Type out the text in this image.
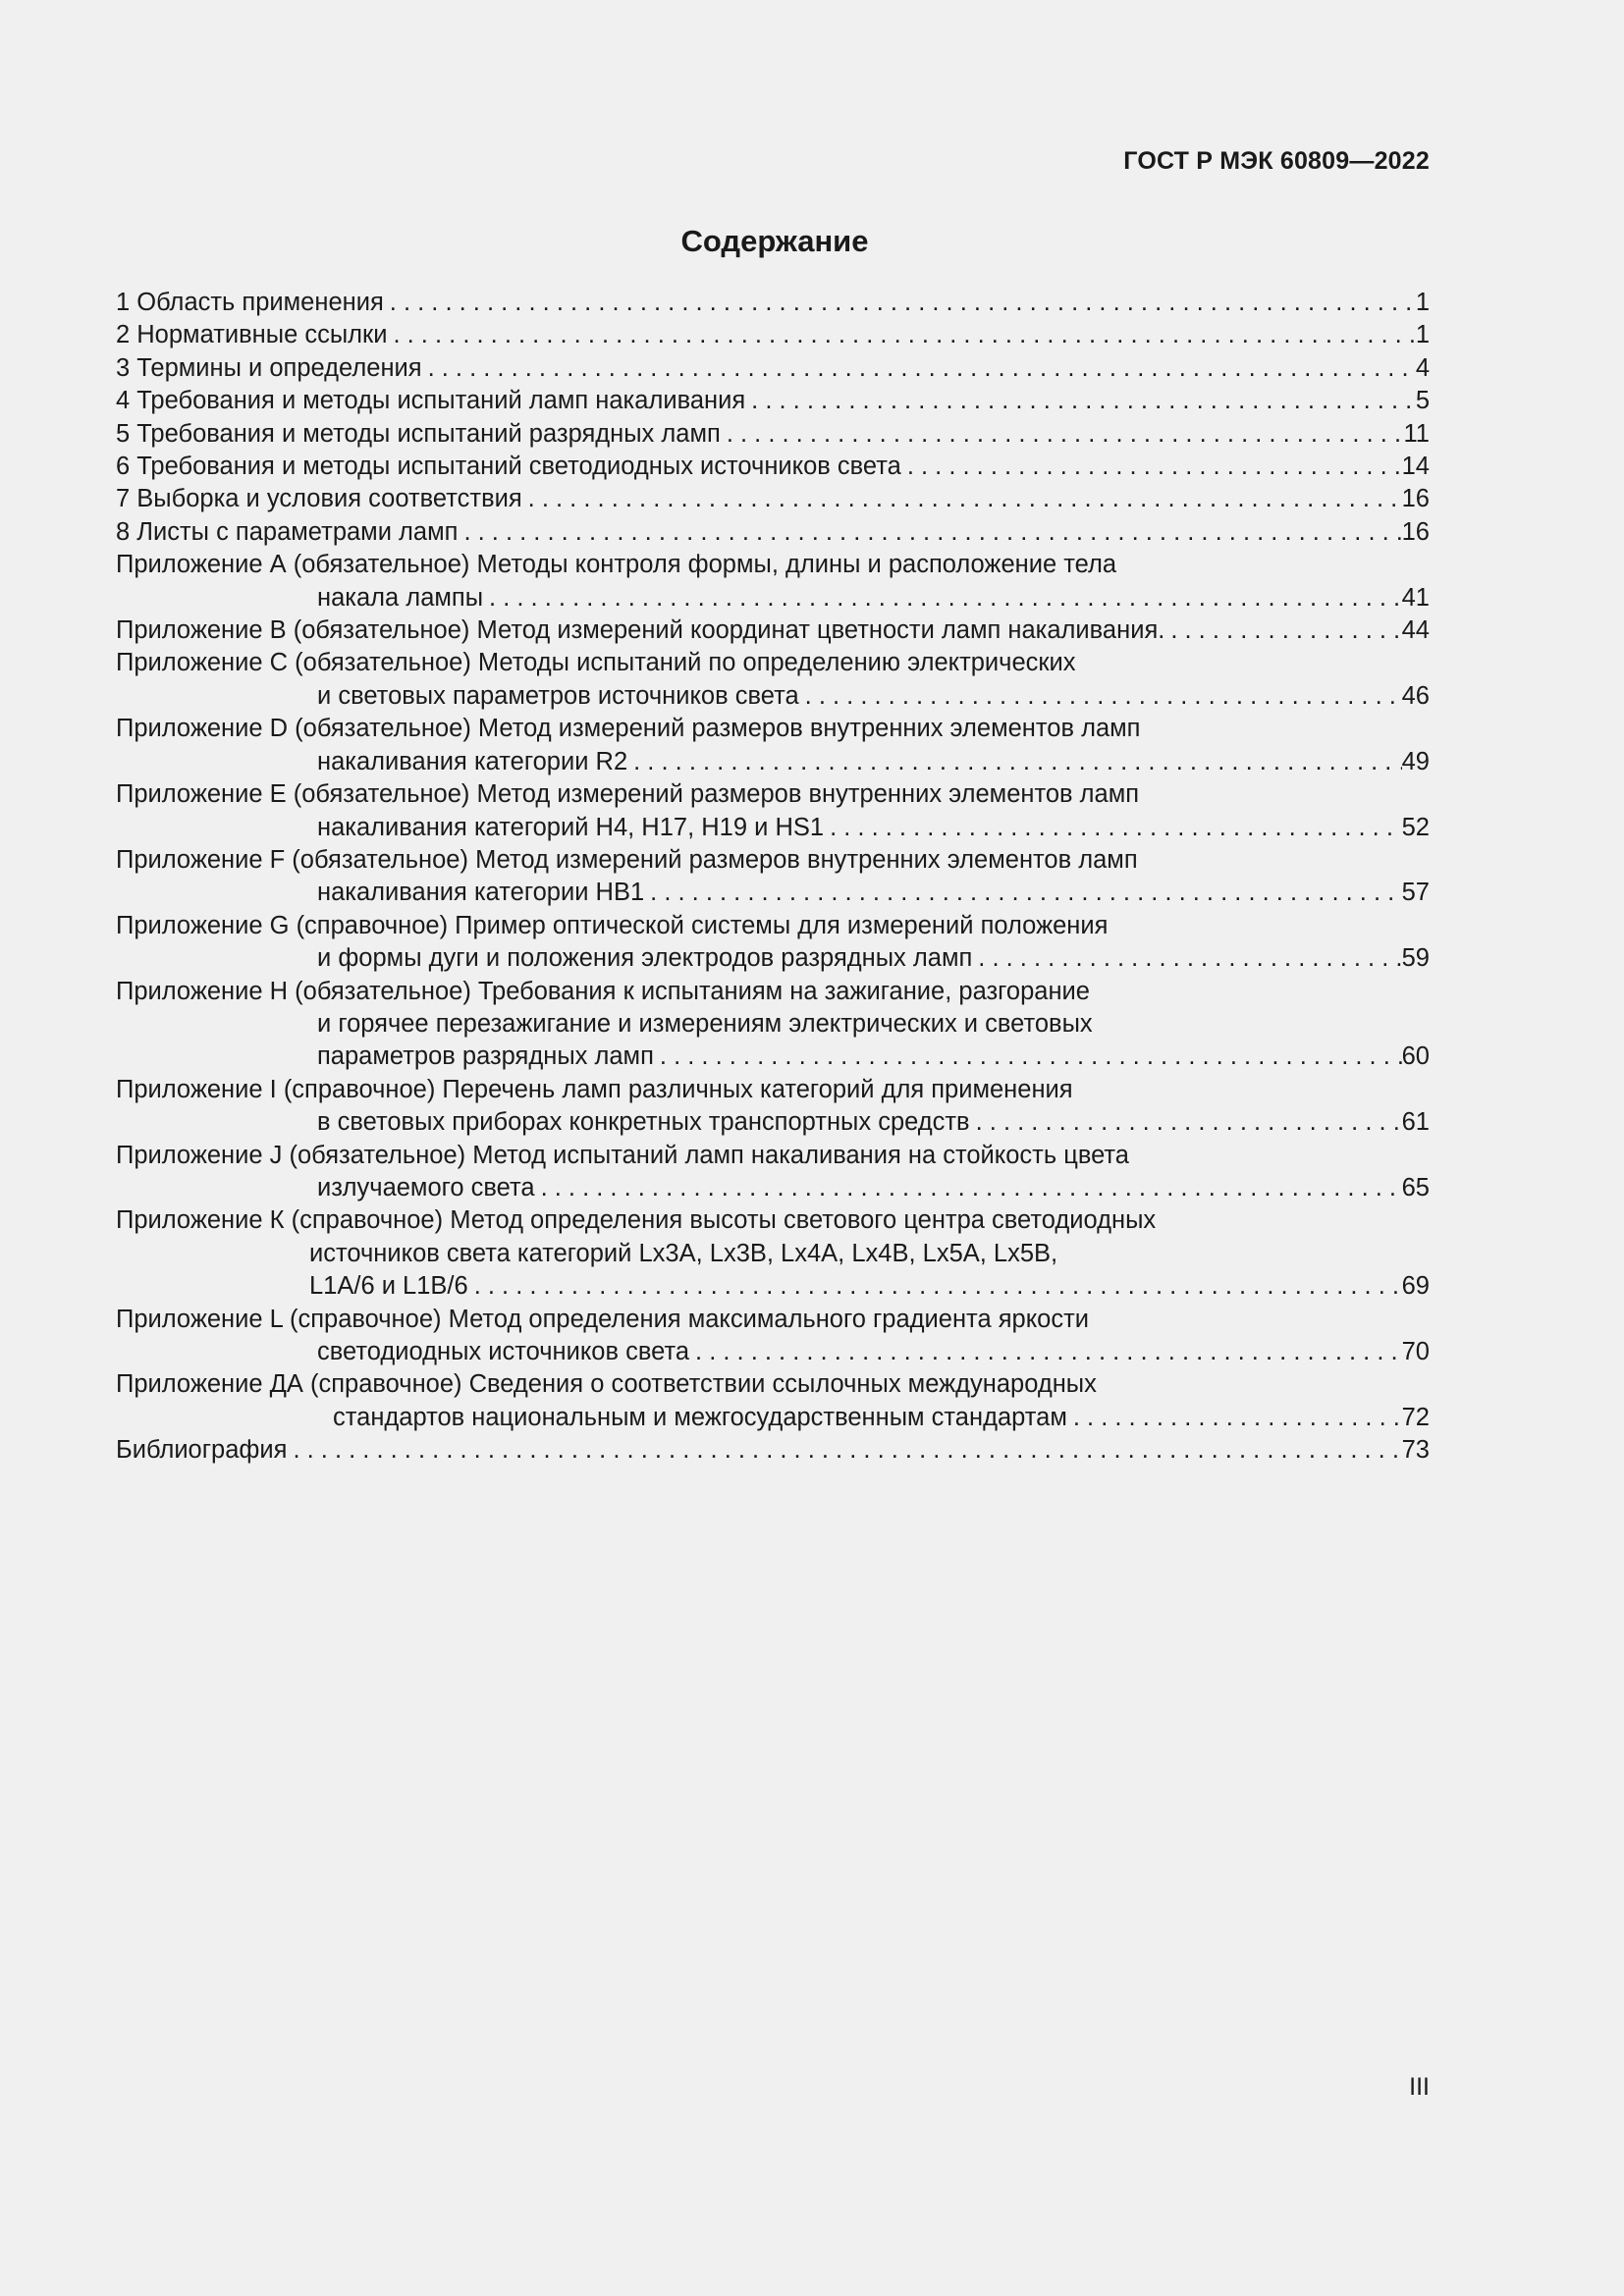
ГОСТ Р МЭК 60809—2022
Содержание
1 Область применения . . .	1
2 Нормативные ссылки . . .	1
3 Термины и определения . . .	4
4 Требования и методы испытаний ламп накаливания . . .	5
5 Требования и методы испытаний разрядных ламп . . .	11
6 Требования и методы испытаний светодиодных источников света . . .	14
7 Выборка и условия соответствия . . .	16
8 Листы с параметрами ламп . . .	16
Приложение А (обязательное) Методы контроля формы, длины и расположение тела
накала лампы . . .	41
Приложение В (обязательное) Метод измерений координат цветности ламп накаливания. . . .	44
Приложение С (обязательное) Методы испытаний по определению электрических
и световых параметров источников света . . .	46
Приложение D (обязательное) Метод измерений размеров внутренних элементов ламп
накаливания категории R2 . . .	49
Приложение E (обязательное) Метод измерений размеров внутренних элементов ламп
накаливания категорий H4, H17, H19 и HS1 . . .	52
Приложение F (обязательное) Метод измерений размеров внутренних элементов ламп
накаливания категории HB1 . . .	57
Приложение G (справочное) Пример оптической системы для измерений положения
и формы дуги и положения электродов разрядных ламп . . .	59
Приложение H (обязательное) Требования к испытаниям на зажигание, разгорание
и горячее перезажигание и измерениям электрических и световых
параметров разрядных ламп . . .	60
Приложение I (справочное) Перечень ламп различных категорий для применения
в световых приборах конкретных транспортных средств . . .	61
Приложение J (обязательное) Метод испытаний ламп накаливания на стойкость цвета
излучаемого света . . .	65
Приложение К (справочное) Метод определения высоты светового центра светодиодных
источников света категорий Lx3A, Lx3B, Lx4A, Lx4B, Lx5A, Lx5B,
L1A/6 и L1B/6 . . .	69
Приложение L (справочное) Метод определения максимального градиента яркости
светодиодных источников света . . .	70
Приложение ДА (справочное) Сведения о соответствии ссылочных международных
стандартов национальным и межгосударственным стандартам . . .	72
Библиография . . .	73
III
